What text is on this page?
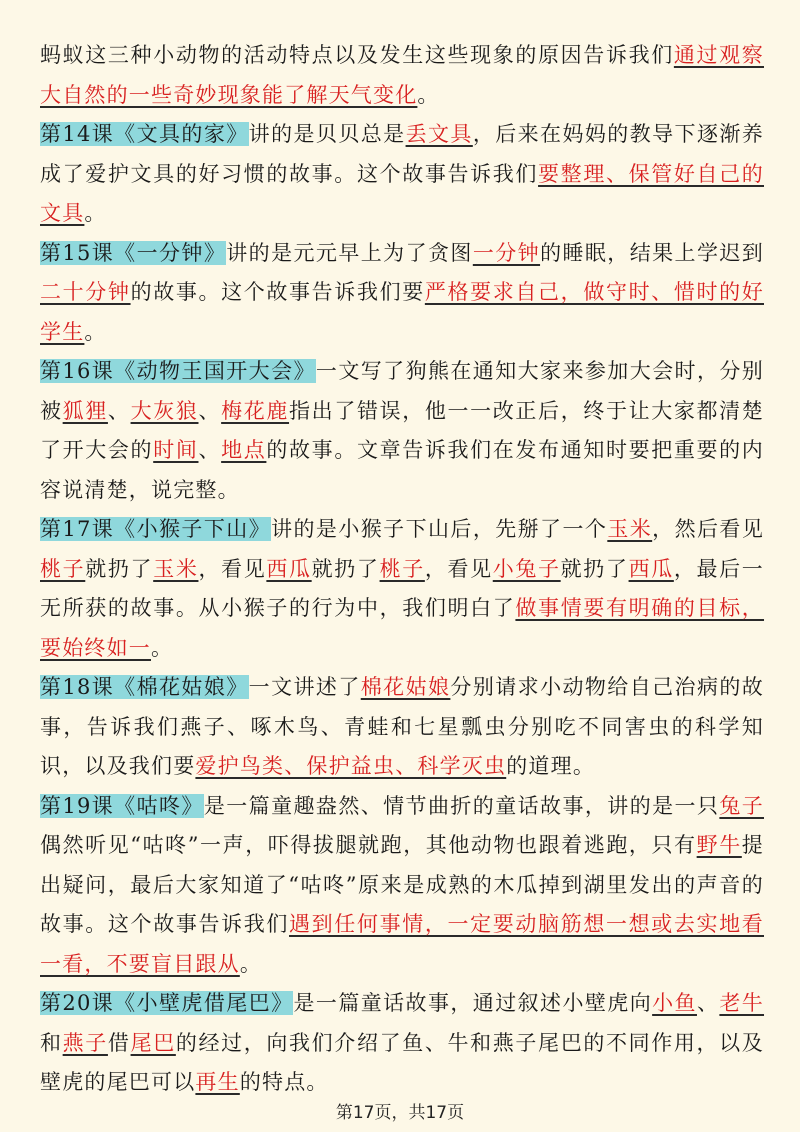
蚂蚁这三种小动物的活动特点以及发生这些现象的原因告诉我们通过观察大自然的一些奇妙现象能了解天气变化。

第14课《文具的家》讲的是贝贝总是丢文具，后来在妈妈的教导下逐渐养成了爱护文具的好习惯的故事。这个故事告诉我们要整理、保管好自己的文具。

第15课《一分钟》讲的是元元早上为了贪图一分钟的睡眠，结果上学迟到二十分钟的故事。这个故事告诉我们要严格要求自己，做守时、惜时的好学生。

第16课《动物王国开大会》一文写了狗熊在通知大家来参加大会时，分别被狐狸、大灰狼、梅花鹿指出了错误，他一一改正后，终于让大家都清楚了开大会的时间、地点的故事。文章告诉我们在发布通知时要把重要的内容说清楚，说完整。

第17课《小猴子下山》讲的是小猴子下山后，先掰了一个玉米，然后看见桃子就扔了玉米，看见西瓜就扔了桃子，看见小兔子就扔了西瓜，最后一无所获的故事。从小猴子的行为中，我们明白了做事情要有明确的目标，要始终如一。

第18课《棉花姑娘》一文讲述了棉花姑娘分别请求小动物给自己治病的故事，告诉我们燕子、啄木鸟、青蛙和七星瓢虫分别吃不同害虫的科学知识，以及我们要爱护鸟类、保护益虫、科学灭虫的道理。

第19课《咕咚》是一篇童趣盎然、情节曲折的童话故事，讲的是一只兔子偶然听见“咕咚”一声，吓得拔腿就跑，其他动物也跟着逃跑，只有野牛提出疑问，最后大家知道了“咕咚”原来是成熟的木瓜掉到湖里发出的声音的故事。这个故事告诉我们遇到任何事情，一定要动脑筋想一想或去实地看一看，不要盲目跟从。

第20课《小壁虎借尾巴》是一篇童话故事，通过叙述小壁虎向小鱼、老牛和燕子借尾巴的经过，向我们介绍了鱼、牛和燕子尾巴的不同作用，以及壁虎的尾巴可以再生的特点。

第17页，共17页
